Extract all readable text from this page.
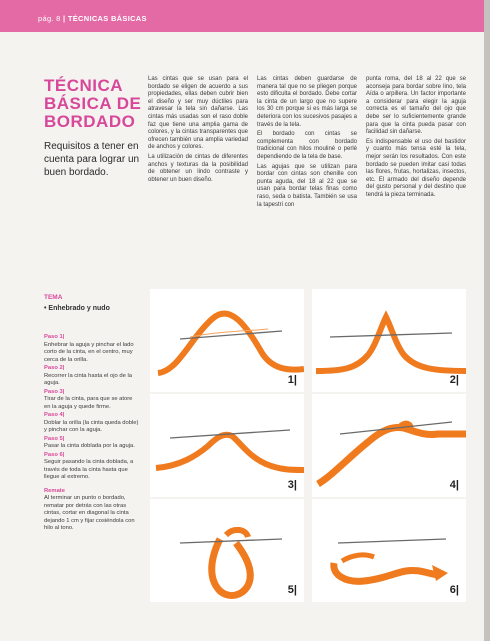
pág. 8 | TÉCNICAS BÁSICAS
TÉCNICA
BÁSICA DE
BORDADO
Requisitos a tener en cuenta para lograr un buen bordado.

Las cintas que se usan para el bordado se eligen de acuerdo a sus propiedades, ellas deben cubrir bien el diseño y ser muy dúctiles para atravesar la tela sin dañarse. Las cintas más usadas son el raso doble faz que tiene una amplia gama de colores, y la cintas transparentes que ofrecen también una amplia variedad de anchos y colores.

La utilización de cintas de diferentes anchos y texturas da la posibilidad de obtener un lindo contraste y obtener un buen diseño.

Las cintas deben guardarse de manera tal que no se pliegen porque esto dificulta el bordado. Debe cortar la cinta de un largo que no supere los 30 cm porque si es más larga se deteriora con los sucesivos pasajes a través de la tela.

El bordado con cintas se complementa con bordado tradicional con hilos mouliné o perlé dependiendo de la tela de base.

Las agujas que se utilizan para bordar con cintas son chenille con punta aguda, del 18 al 22 que se usan para bordar telas finas como raso, seda o batista. También se usa la tapestri con

punta roma, del 18 al 22 que se aconseja para bordar sobre lino, tela Aída o arpillera. Un factor importante a considerar para elegir la aguja correcta es el tamaño del ojo que debe ser lo suficientemente grande para que la cinta pueda pasar con facilidad sin dañarse.

Es indispensable el uso del bastidor y cuanto más tensa esté la tela, mejor serán los resultados. Con este bordado se pueden imitar casi todas las flores, frutas, hortalizas, insectos, etc. El armado del diseño depende del gusto personal y del destino que tendrá la pieza terminada.

TEMA
• Enhebrado y nudo
Paso 1|
Enhebrar la aguja y pinchar el lado corto de la cinta, en el centro, muy cerca de la orilla.
Paso 2|
Recorrer la cinta hasta el ojo de la aguja.
Paso 3|
Tirar de la cinta, para que se atore en la aguja y quede firme.
Paso 4|
Doblar la orilla (la cinta queda doble) y pinchar con la aguja.
Paso 5|
Pasar la cinta doblada por la aguja.
Paso 6|
Seguir pasando la cinta doblada, a través de toda la cinta hasta que llegue al extremo.
Remate
Al terminar un punto o bordado, rematar por detrás con las otras cintas, cortar en diagonal la cinta dejando 1 cm y fijar cosiéndola con hilo al tono.
1|	2|
3|	4|
5|	6|
